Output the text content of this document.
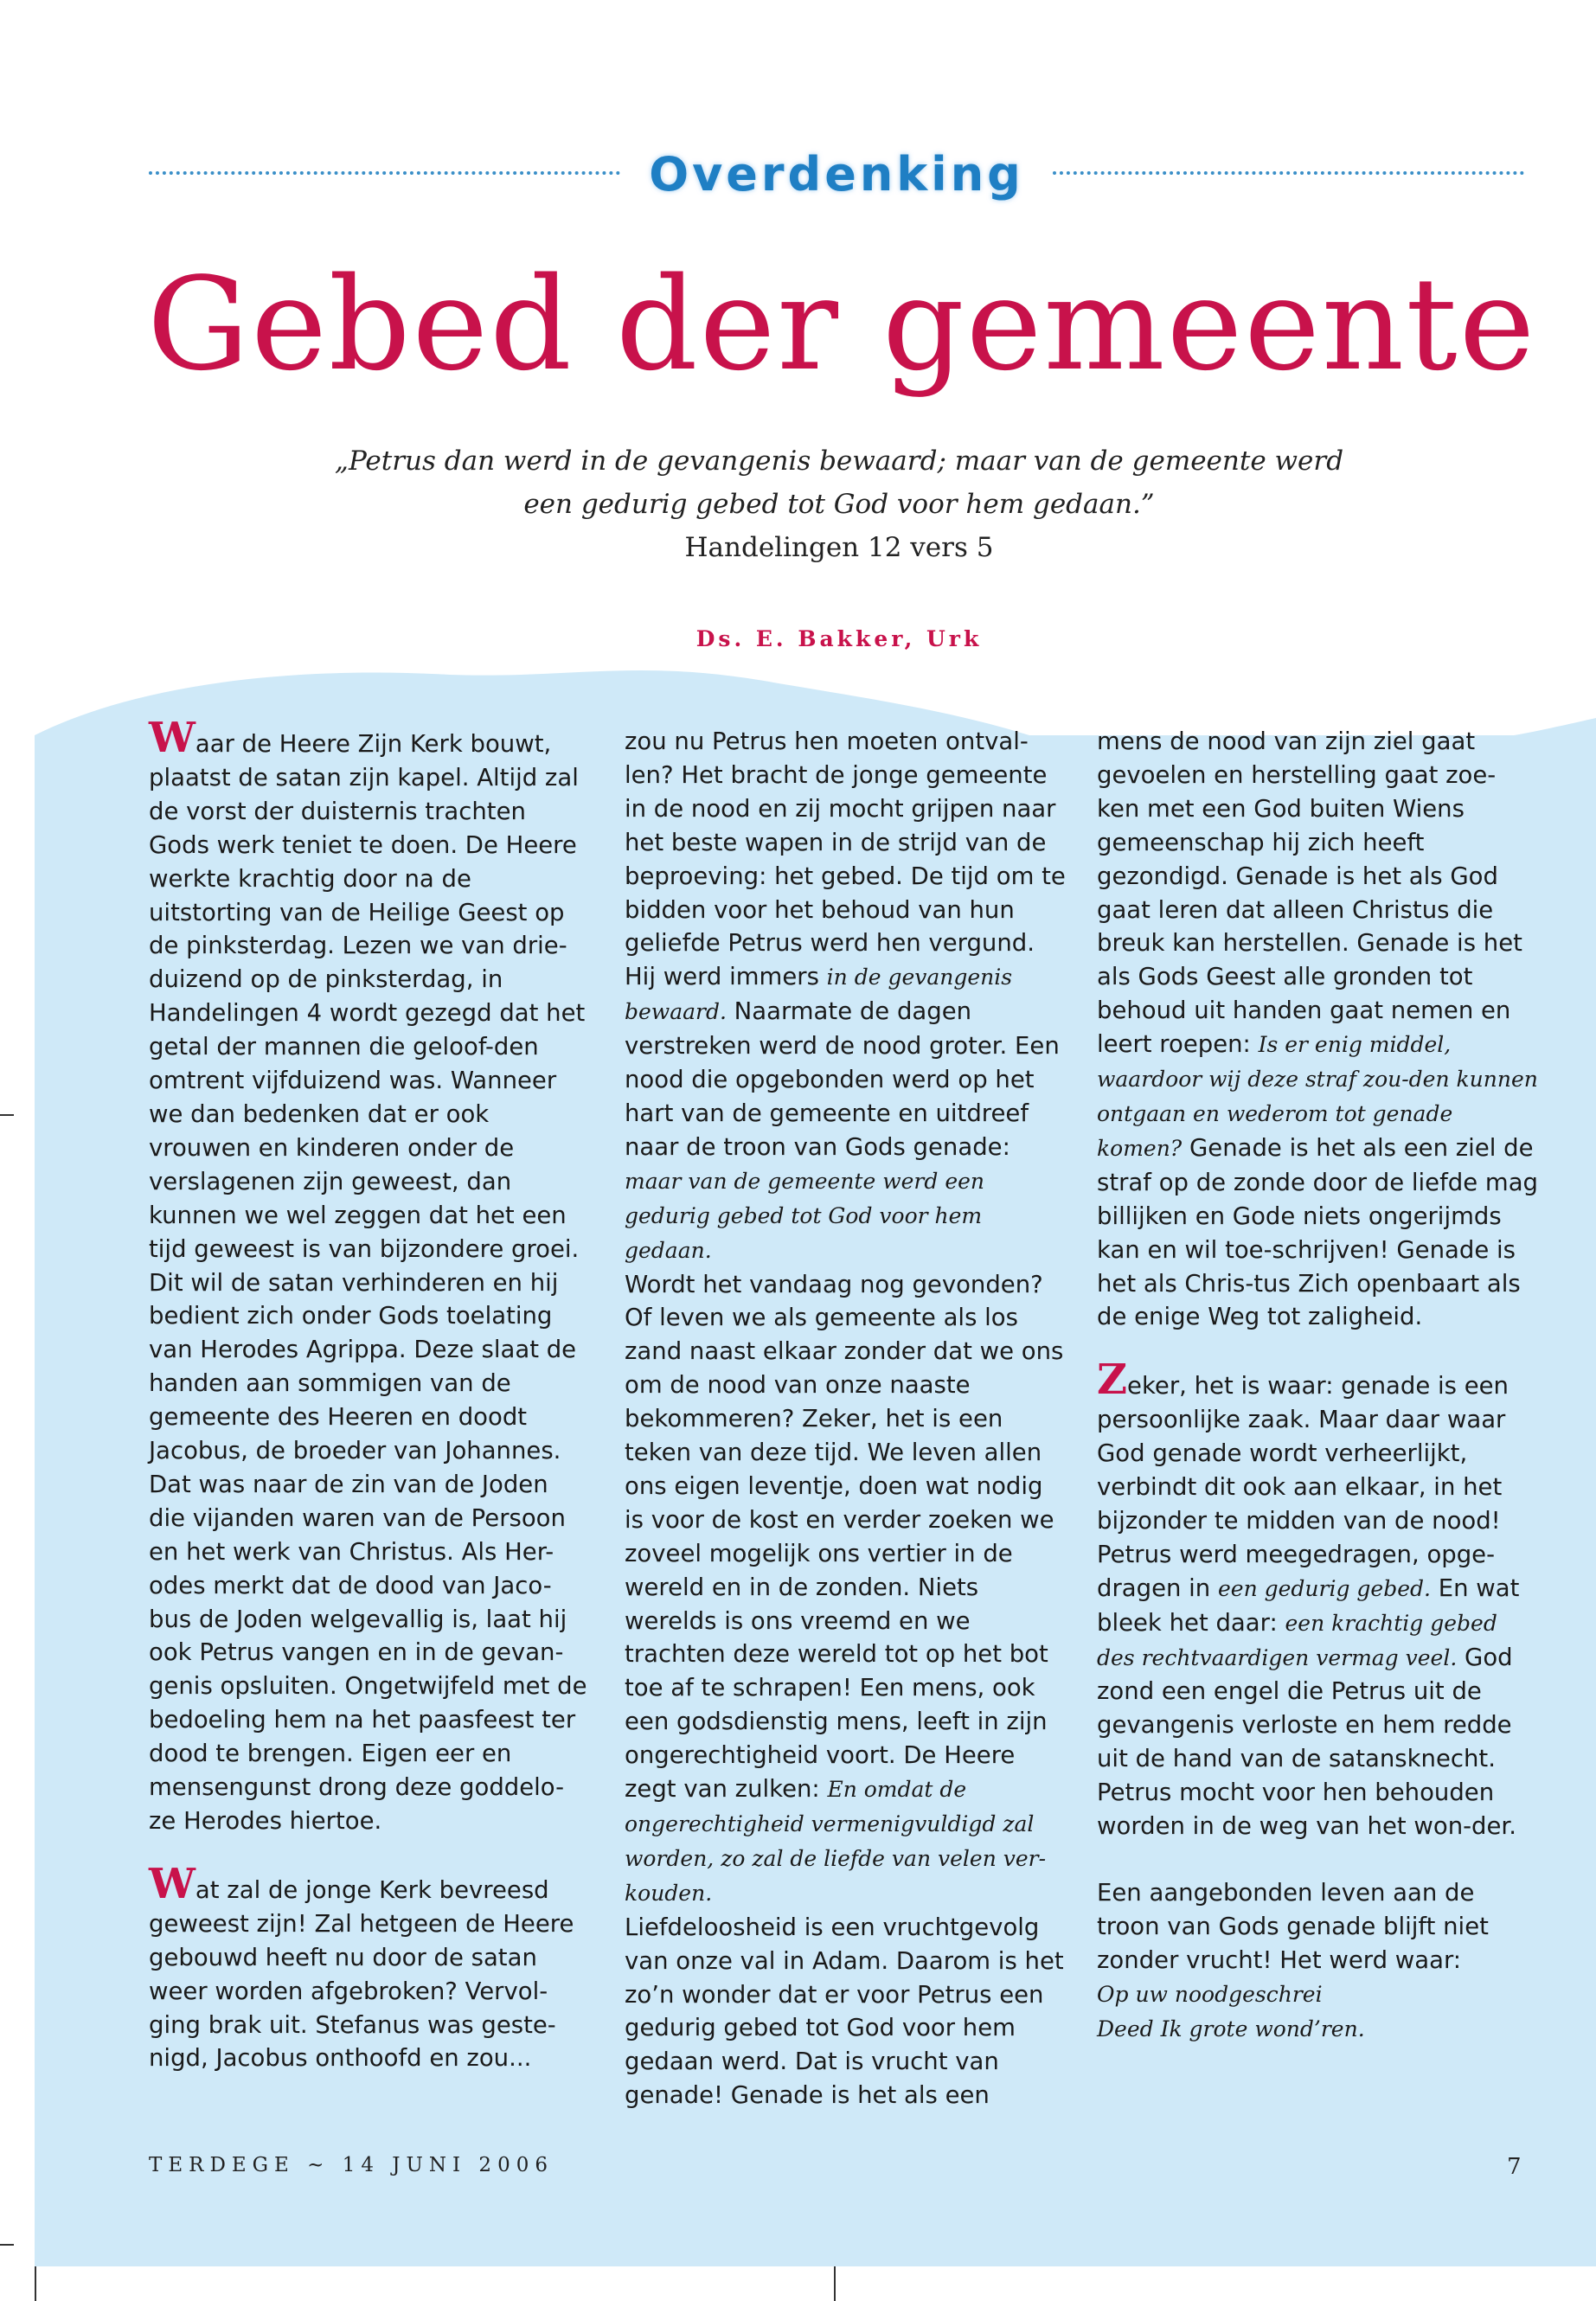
Overdenking
Gebed der gemeente
„Petrus dan werd in de gevangenis bewaard; maar van de gemeente werd
een gedurig gebed tot God voor hem gedaan.”
Handelingen 12 vers 5
Ds. E. Bakker, Urk

Waar de Heere Zijn Kerk bouwt, plaatst de satan zijn kapel. Altijd zal de vorst der duisternis trachten Gods werk teniet te doen. De Heere werkte krachtig door na de uitstorting van de Heilige Geest op de pinksterdag. Lezen we van drie-duizend op de pinksterdag, in Handelingen 4 wordt gezegd dat het getal der mannen die geloof-den omtrent vijfduizend was. Wanneer we dan bedenken dat er ook vrouwen en kinderen onder de verslagenen zijn geweest, dan kunnen we wel zeggen dat het een tijd geweest is van bijzondere groei.

Dit wil de satan verhinderen en hij bedient zich onder Gods toelating van Herodes Agrippa. Deze slaat de handen aan sommigen van de gemeente des Heeren en doodt Jacobus, de broeder van Johannes. Dat was naar de zin van de Joden die vijanden waren van de Persoon en het werk van Christus. Als Her-odes merkt dat de dood van Jaco-bus de Joden welgevallig is, laat hij ook Petrus vangen en in de gevan-genis opsluiten. Ongetwijfeld met de bedoeling hem na het paasfeest ter dood te brengen. Eigen eer en mensengunst drong deze goddelo-ze Herodes hiertoe.

Wat zal de jonge Kerk bevreesd geweest zijn! Zal hetgeen de Heere gebouwd heeft nu door de satan weer worden afgebroken? Vervol-ging brak uit. Stefanus was geste-nigd, Jacobus onthoofd en zou...

zou nu Petrus hen moeten ontval-len? Het bracht de jonge gemeente in de nood en zij mocht grijpen naar het beste wapen in de strijd van de beproeving: het gebed. De tijd om te bidden voor het behoud van hun geliefde Petrus werd hen vergund. Hij werd immers in de gevangenis bewaard. Naarmate de dagen verstreken werd de nood groter. Een nood die opgebonden werd op het hart van de gemeente en uitdreef naar de troon van Gods genade: maar van de gemeente werd een gedurig gebed tot God voor hem gedaan.

Wordt het vandaag nog gevonden? Of leven we als gemeente als los zand naast elkaar zonder dat we ons om de nood van onze naaste bekommeren? Zeker, het is een teken van deze tijd. We leven allen ons eigen leventje, doen wat nodig is voor de kost en verder zoeken we zoveel mogelijk ons vertier in de wereld en in de zonden. Niets werelds is ons vreemd en we trachten deze wereld tot op het bot toe af te schrapen! Een mens, ook een godsdienstig mens, leeft in zijn ongerechtigheid voort. De Heere zegt van zulken: En omdat de ongerechtigheid vermenigvuldigd zal worden, zo zal de liefde van velen ver-kouden.

Liefdeloosheid is een vruchtgevolg van onze val in Adam. Daarom is het zo’n wonder dat er voor Petrus een gedurig gebed tot God voor hem gedaan werd. Dat is vrucht van genade! Genade is het als een

mens de nood van zijn ziel gaat gevoelen en herstelling gaat zoe-ken met een God buiten Wiens gemeenschap hij zich heeft gezondigd. Genade is het als God gaat leren dat alleen Christus die breuk kan herstellen. Genade is het als Gods Geest alle gronden tot behoud uit handen gaat nemen en leert roepen: Is er enig middel, waardoor wij deze straf zou-den kunnen ontgaan en wederom tot genade komen? Genade is het als een ziel de straf op de zonde door de liefde mag billijken en Gode niets ongerijmds kan en wil toe-schrijven! Genade is het als Chris-tus Zich openbaart als de enige Weg tot zaligheid.

Zeker, het is waar: genade is een persoonlijke zaak. Maar daar waar God genade wordt verheerlijkt, verbindt dit ook aan elkaar, in het bijzonder te midden van de nood! Petrus werd meegedragen, opge-dragen in een gedurig gebed. En wat bleek het daar: een krachtig gebed des rechtvaardigen vermag veel. God zond een engel die Petrus uit de gevangenis verloste en hem redde uit de hand van de satansknecht. Petrus mocht voor hen behouden worden in de weg van het won-der.

Een aangebonden leven aan de troon van Gods genade blijft niet zonder vrucht! Het werd waar:
Op uw noodgeschrei
Deed Ik grote wond’ren.

TERDEGE ~ 14 JUNI 2006	7
